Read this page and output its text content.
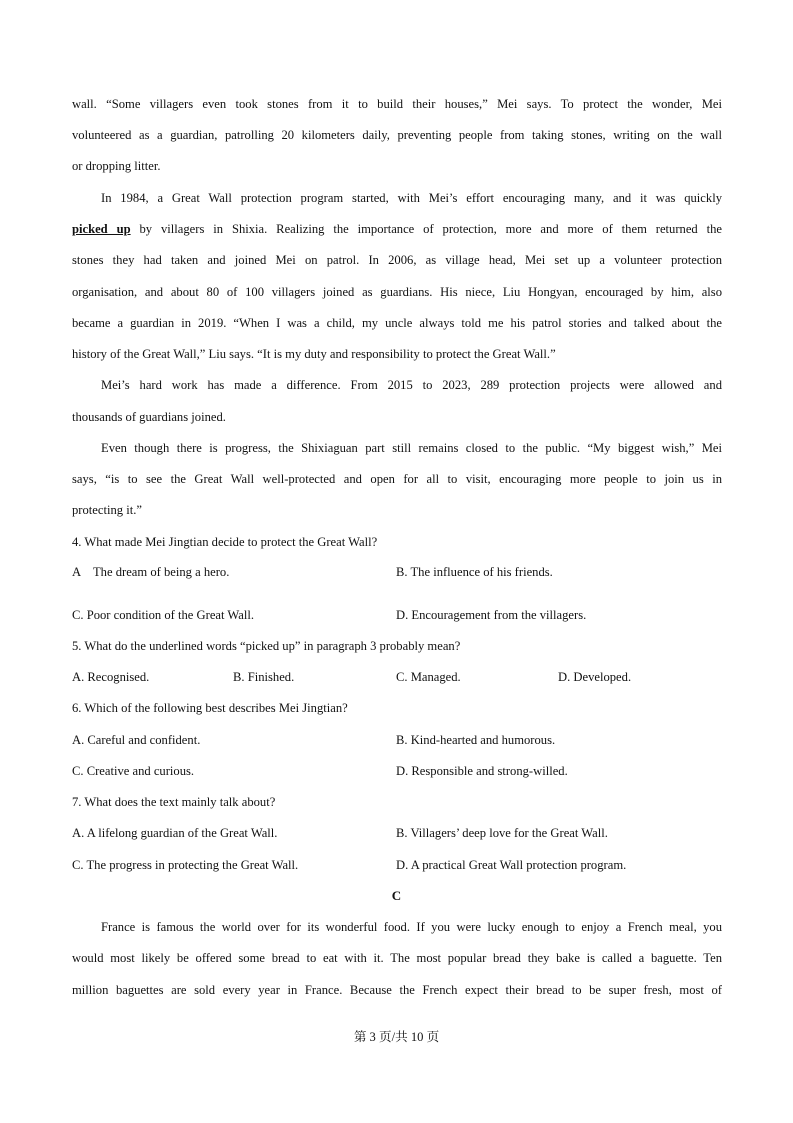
wall. “Some villagers even took stones from it to build their houses,” Mei says. To protect the wonder, Mei
volunteered as a guardian, patrolling 20 kilometers daily, preventing people from taking stones, writing on the wall
or dropping litter.
In 1984, a Great Wall protection program started, with Mei’s effort encouraging many, and it was quickly
picked up by villagers in Shixia. Realizing the importance of protection, more and more of them returned the
stones they had taken and joined Mei on patrol. In 2006, as village head, Mei set up a volunteer protection
organisation, and about 80 of 100 villagers joined as guardians. His niece, Liu Hongyan, encouraged by him, also
became a guardian in 2019. “When I was a child, my uncle always told me his patrol stories and talked about the
history of the Great Wall,” Liu says. “It is my duty and responsibility to protect the Great Wall.”
Mei’s hard work has made a difference. From 2015 to 2023, 289 protection projects were allowed and
thousands of guardians joined.
Even though there is progress, the Shixiaguan part still remains closed to the public. “My biggest wish,” Mei
says, “is to see the Great Wall well-protected and open for all to visit, encouraging more people to join us in
protecting it.”
4. What made Mei Jingtian decide to protect the Great Wall?
A　The dream of being a hero.	B. The influence of his friends.
C. Poor condition of the Great Wall.	D. Encouragement from the villagers.
5. What do the underlined words “picked up” in paragraph 3 probably mean?
A. Recognised.	B. Finished.	C. Managed.	D. Developed.
6. Which of the following best describes Mei Jingtian?
A. Careful and confident.	B. Kind-hearted and humorous.
C. Creative and curious.	D. Responsible and strong-willed.
7. What does the text mainly talk about?
A. A lifelong guardian of the Great Wall.	B. Villagers’ deep love for the Great Wall.
C. The progress in protecting the Great Wall.	D. A practical Great Wall protection program.
C
France is famous the world over for its wonderful food. If you were lucky enough to enjoy a French meal, you
would most likely be offered some bread to eat with it. The most popular bread they bake is called a baguette. Ten
million baguettes are sold every year in France. Because the French expect their bread to be super fresh, most of
第 3 页/共 10 页
